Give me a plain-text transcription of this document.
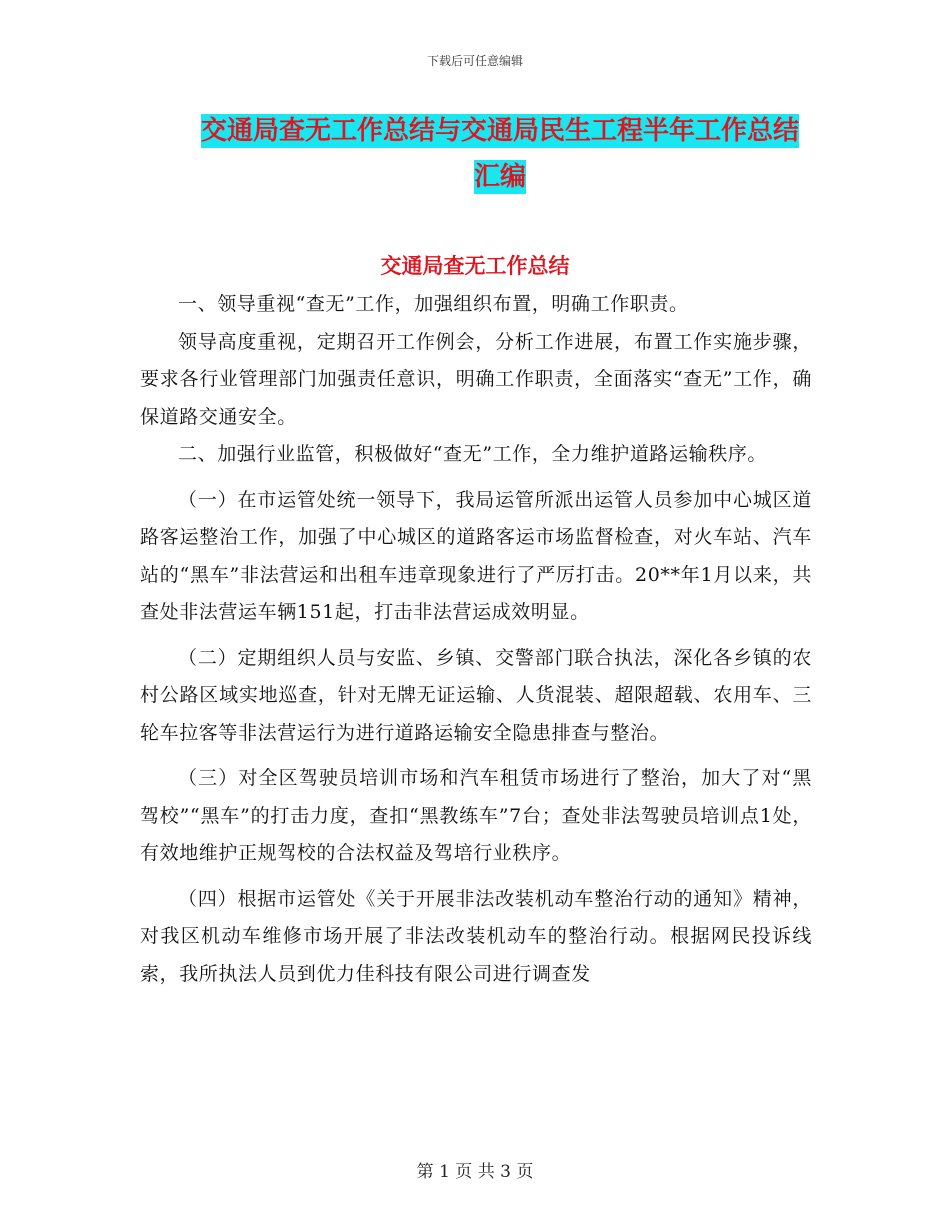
下载后可任意编辑
交通局查无工作总结与交通局民生工程半年工作总结
汇编
交通局查无工作总结

一、领导重视“查无”工作，加强组织布置，明确工作职责。

领导高度重视，定期召开工作例会，分析工作进展，布置工作实施步骤，要求各行业管理部门加强责任意识，明确工作职责，全面落实“查无”工作，确保道路交通安全。

二、加强行业监管，积极做好“查无”工作，全力维护道路运输秩序。

（一）在市运管处统一领导下，我局运管所派出运管人员参加中心城区道路客运整治工作，加强了中心城区的道路客运市场监督检查，对火车站、汽车站的“黑车”非法营运和出租车违章现象进行了严厉打击。20**年1月以来，共查处非法营运车辆151起，打击非法营运成效明显。

（二）定期组织人员与安监、乡镇、交警部门联合执法，深化各乡镇的农村公路区域实地巡查，针对无牌无证运输、人货混装、超限超载、农用车、三轮车拉客等非法营运行为进行道路运输安全隐患排查与整治。

（三）对全区驾驶员培训市场和汽车租赁市场进行了整治，加大了对“黑驾校”“黑车”的打击力度，查扣“黑教练车”7台；查处非法驾驶员培训点1处，有效地维护正规驾校的合法权益及驾培行业秩序。

（四）根据市运管处《关于开展非法改装机动车整治行动的通知》精神，对我区机动车维修市场开展了非法改装机动车的整治行动。根据网民投诉线索，我所执法人员到优力佳科技有限公司进行调查发

第 1 页 共 3 页
